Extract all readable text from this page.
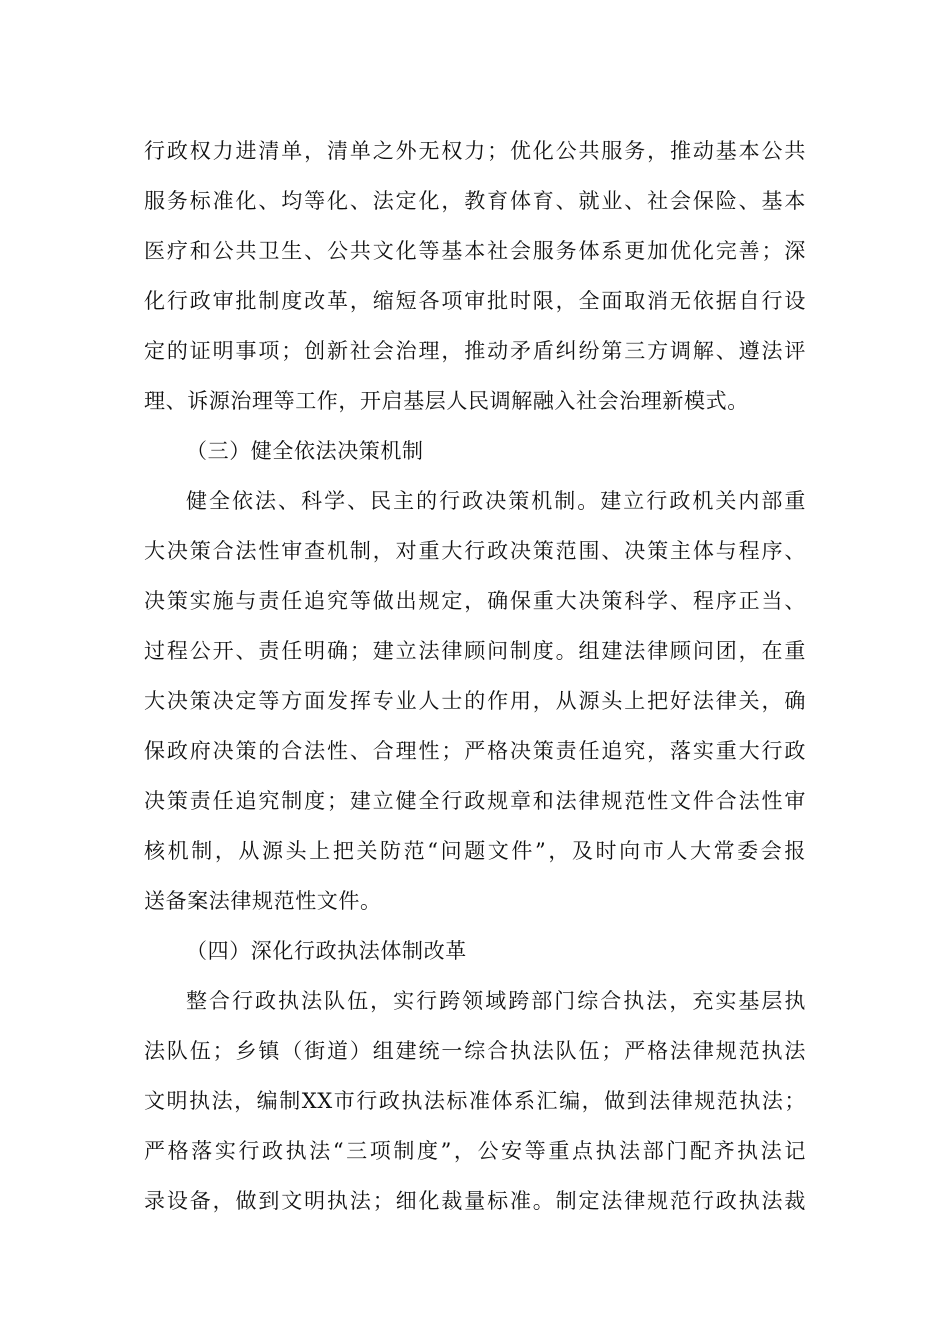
行政权力进清单，清单之外无权力；优化公共服务，推动基本公共
服务标准化、均等化、法定化，教育体育、就业、社会保险、基本
医疗和公共卫生、公共文化等基本社会服务体系更加优化完善；深
化行政审批制度改革，缩短各项审批时限，全面取消无依据自行设
定的证明事项；创新社会治理，推动矛盾纠纷第三方调解、遵法评
理、诉源治理等工作，开启基层人民调解融入社会治理新模式。
（三）健全依法决策机制
健全依法、科学、民主的行政决策机制。建立行政机关内部重
大决策合法性审查机制，对重大行政决策范围、决策主体与程序、
决策实施与责任追究等做出规定，确保重大决策科学、程序正当、
过程公开、责任明确；建立法律顾问制度。组建法律顾问团，在重
大决策决定等方面发挥专业人士的作用，从源头上把好法律关，确
保政府决策的合法性、合理性；严格决策责任追究，落实重大行政
决策责任追究制度；建立健全行政规章和法律规范性文件合法性审
核机制，从源头上把关防范“问题文件”，及时向市人大常委会报
送备案法律规范性文件。
（四）深化行政执法体制改革
整合行政执法队伍，实行跨领域跨部门综合执法，充实基层执
法队伍；乡镇（街道）组建统一综合执法队伍；严格法律规范执法
文明执法，编制XX市行政执法标准体系汇编，做到法律规范执法；
严格落实行政执法“三项制度”，公安等重点执法部门配齐执法记
录设备，做到文明执法；细化裁量标准。制定法律规范行政执法裁
